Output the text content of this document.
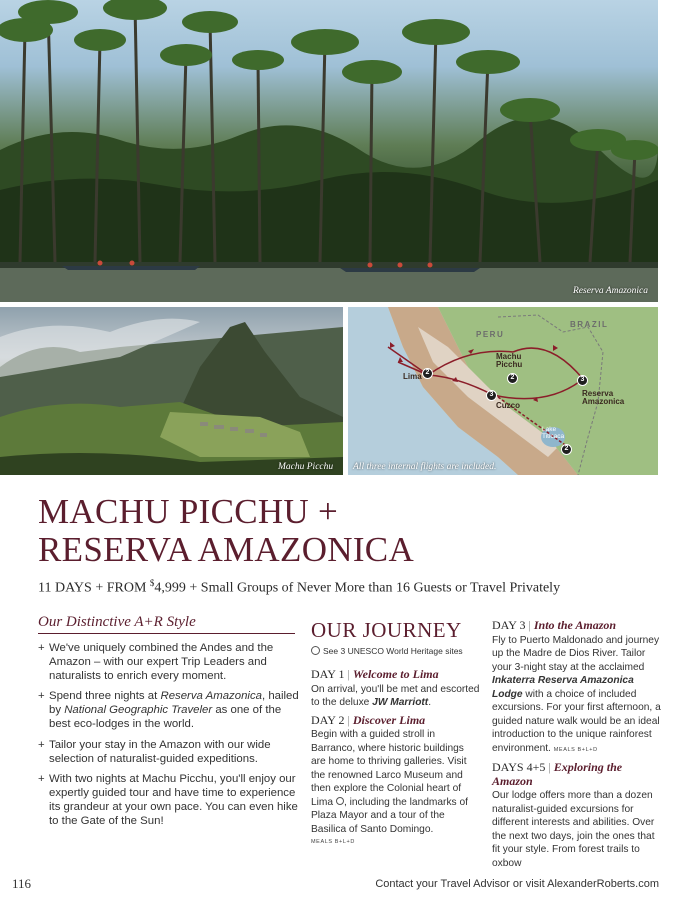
Reserva Amazonica
Machu Picchu
PERU
BRAZIL
Lima 2
Machu Picchu
2
Cuzco
3	Reserva Amazonica
3
Lake Titicaca
2
All three internal flights are included.
MACHU PICCHU +
RESERVA AMAZONICA
11 DAYS + FROM $4,999 + Small Groups of Never More than 16 Guests or Travel Privately
Our Distinctive A+R Style
+ We've uniquely combined the Andes and the Amazon – with our expert Trip Leaders and naturalists to enrich every moment.
+ Spend three nights at Reserva Amazonica, hailed by National Geographic Traveler as one of the best eco-lodges in the world.
+ Tailor your stay in the Amazon with our wide selection of naturalist-guided expeditions.
+ With two nights at Machu Picchu, you'll enjoy our expertly guided tour and have time to experience its grandeur at your own pace. You can even hike to the Gate of the Sun!
OUR JOURNEY
See 3 UNESCO World Heritage sites
DAY 1 | Welcome to Lima

On arrival, you'll be met and escorted to the deluxe JW Marriott.

DAY 2 | Discover Lima

Begin with a guided stroll in Barranco, where historic buildings are home to thriving galleries. Visit the renowned Larco Museum and then explore the Colonial heart of Lima , including the landmarks of Plaza Mayor and a tour of the Basilica of Santo Domingo.

MEALS B+L+D
DAY 3 | Into the Amazon

Fly to Puerto Maldonado and journey up the Madre de Dios River. Tailor your 3-night stay at the acclaimed Inkaterra Reserva Amazonica Lodge with a choice of included excursions. For your first afternoon, a guided nature walk would be an ideal introduction to the unique rainforest environment. MEALS B+L+D

DAYS 4+5 | Exploring the Amazon

Our lodge offers more than a dozen naturalist-guided excursions for different interests and abilities. Over the next two days, join the ones that fit your style. From forest trails to oxbow

116	Contact your Travel Advisor or visit AlexanderRoberts.com
